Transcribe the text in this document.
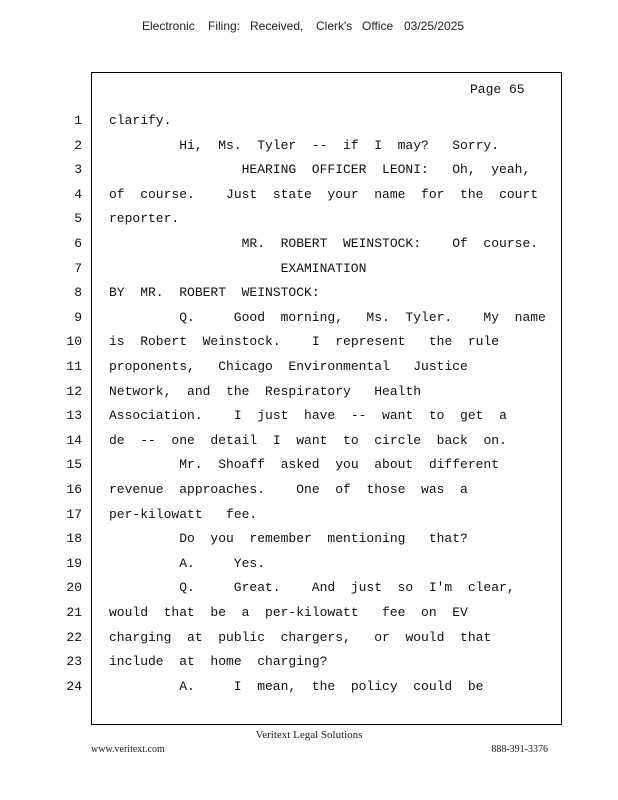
Electronic Filing: Received, Clerk's Office 03/25/2025
Page 65
1 clarify.
2	Hi,  Ms.  Tyler  --  if  I  may?   Sorry.
3	HEARING  OFFICER  LEONI:   Oh,  yeah,
4 of  course.    Just  state  your  name  for  the  court
5 reporter.
6	MR.  ROBERT  WEINSTOCK:    Of  course.
7	EXAMINATION
8 BY  MR.  ROBERT  WEINSTOCK:
9	Q.     Good  morning,   Ms.  Tyler.    My  name
10 is  Robert  Weinstock.    I  represent   the  rule
11 proponents,   Chicago  Environmental   Justice
12 Network,  and  the  Respiratory   Health
13 Association.    I  just  have  --  want  to  get  a
14 de  --  one  detail  I  want  to  circle  back  on.
15	Mr.  Shoaff  asked  you  about  different
16 revenue  approaches.    One  of  those  was  a
17 per-kilowatt   fee.
18	Do  you  remember  mentioning   that?
19	A.     Yes.
20	Q.     Great.    And  just  so  I'm  clear,
21 would  that  be  a  per-kilowatt   fee  on  EV
22 charging  at  public  chargers,   or  would  that
23 include  at  home  charging?
24	A.     I  mean,  the  policy  could  be
Veritext Legal Solutions
www.veritext.com	888-391-3376
